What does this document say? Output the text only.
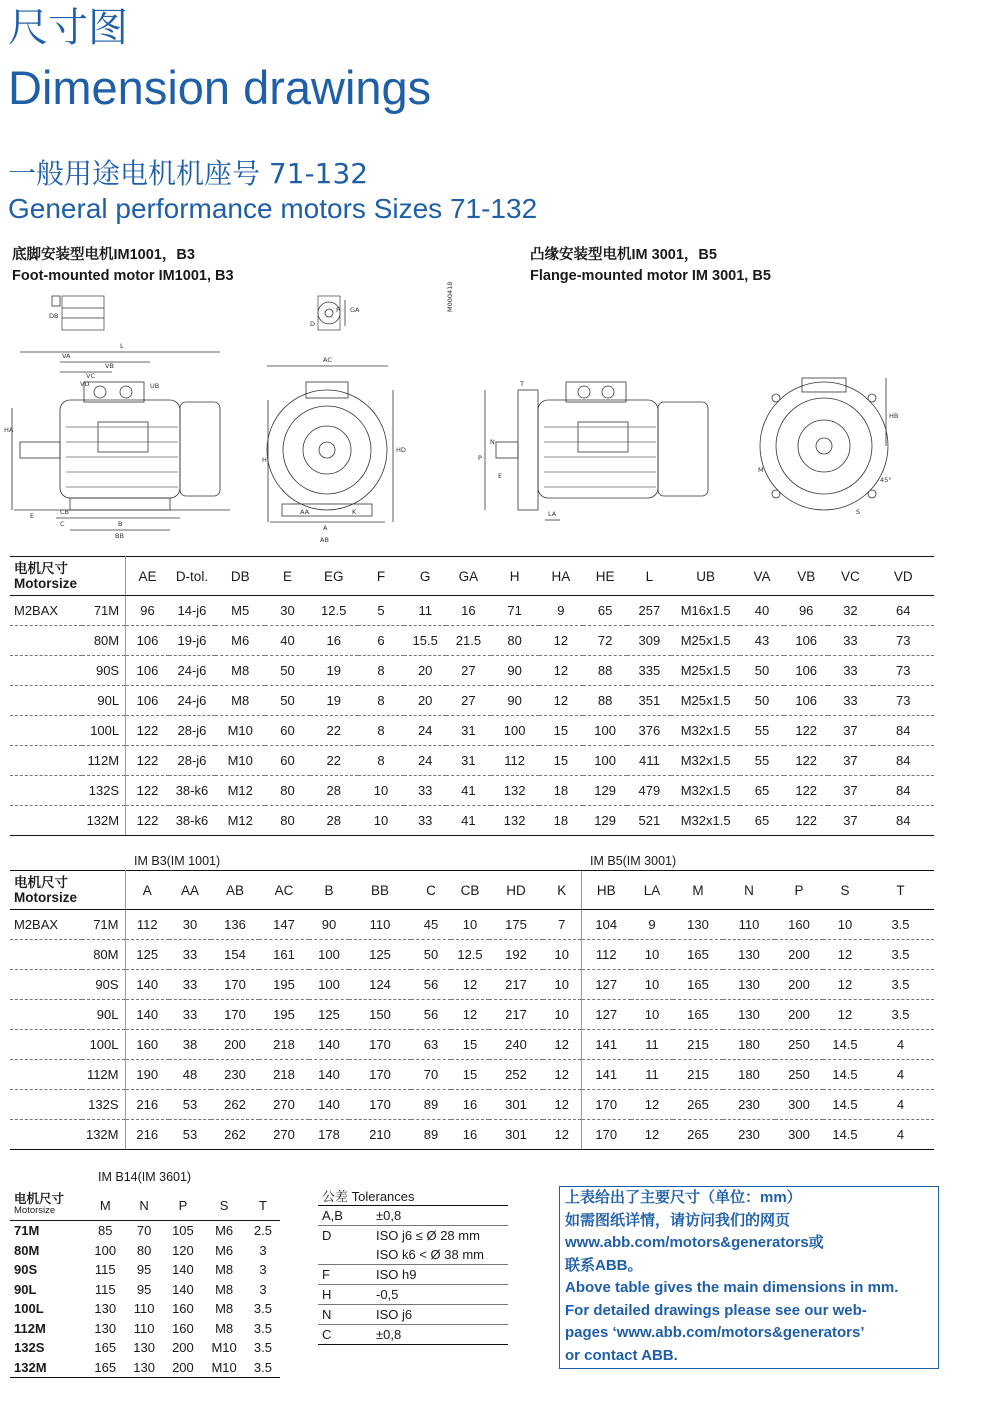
尺寸图
Dimension drawings
一般用途电机机座号 71-132
General performance motors Sizes 71-132
底脚安装型电机IM1001，B3
Foot-mounted motor IM1001, B3
凸缘安装型电机IM 3001，B5
Flange-mounted motor IM 3001, B5
M000418
L
VA
VB
VC
VD	UB
HA
E	CB
C	B
BB
AC
HD
H
AA	K
A
AB
F GA
D
DB
T
P
N
LA
E
HB
M
S
45°
电机尺寸
Motorsize		AE	D-tol.	DB	E	EG	F	G	GA	H	HA	HE	L	UB	VA	VB	VC	VD
M2BAX	71M	96	14-j6	M5	30	12.5	5	11	16	71	9	65	257	M16x1.5	40	96	32	64
	80M	106	19-j6	M6	40	16	6	15.5	21.5	80	12	72	309	M25x1.5	43	106	33	73
	90S	106	24-j6	M8	50	19	8	20	27	90	12	88	335	M25x1.5	50	106	33	73
	90L	106	24-j6	M8	50	19	8	20	27	90	12	88	351	M25x1.5	50	106	33	73
	100L	122	28-j6	M10	60	22	8	24	31	100	15	100	376	M32x1.5	55	122	37	84
	112M	122	28-j6	M10	60	22	8	24	31	112	15	100	411	M32x1.5	55	122	37	84
	132S	122	38-k6	M12	80	28	10	33	41	132	18	129	479	M32x1.5	65	122	37	84
	132M	122	38-k6	M12	80	28	10	33	41	132	18	129	521	M32x1.5	65	122	37	84
IM B3(IM 1001)	IM B5(IM 3001)
电机尺寸
Motorsize		A	AA	AB	AC	B	BB	C	CB	HD	K	HB	LA	M	N	P	S	T
M2BAX	71M	112	30	136	147	90	110	45	10	175	7	104	9	130	110	160	10	3.5
	80M	125	33	154	161	100	125	50	12.5	192	10	112	10	165	130	200	12	3.5
	90S	140	33	170	195	100	124	56	12	217	10	127	10	165	130	200	12	3.5
	90L	140	33	170	195	125	150	56	12	217	10	127	10	165	130	200	12	3.5
	100L	160	38	200	218	140	170	63	15	240	12	141	11	215	180	250	14.5	4
	112M	190	48	230	218	140	170	70	15	252	12	141	11	215	180	250	14.5	4
	132S	216	53	262	270	140	170	89	16	301	12	170	12	265	230	300	14.5	4
	132M	216	53	262	270	178	210	89	16	301	12	170	12	265	230	300	14.5	4
IM B14(IM 3601)
电机尺寸
Motorsize	M	N	P	S	T
71M	85	70	105	M6	2.5
80M	100	80	120	M6	3
90S	115	95	140	M8	3
90L	115	95	140	M8	3
100L	130	110	160	M8	3.5
112M	130	110	160	M8	3.5
132S	165	130	200	M10	3.5
132M	165	130	200	M10	3.5
公差 Tolerances	
A,B	±0,8
D	ISO j6 ≤ Ø 28 mm
	ISO k6 < Ø 38 mm
F	ISO h9
H	-0,5
N	ISO j6
C	±0,8
上表给出了主要尺寸（单位：mm）
如需图纸详情，请访问我们的网页
www.abb.com/motors&generators或
联系ABB。
Above table gives the main dimensions in mm.
For detailed drawings please see our web-
pages ‘www.abb.com/motors&generators’
or contact ABB.
